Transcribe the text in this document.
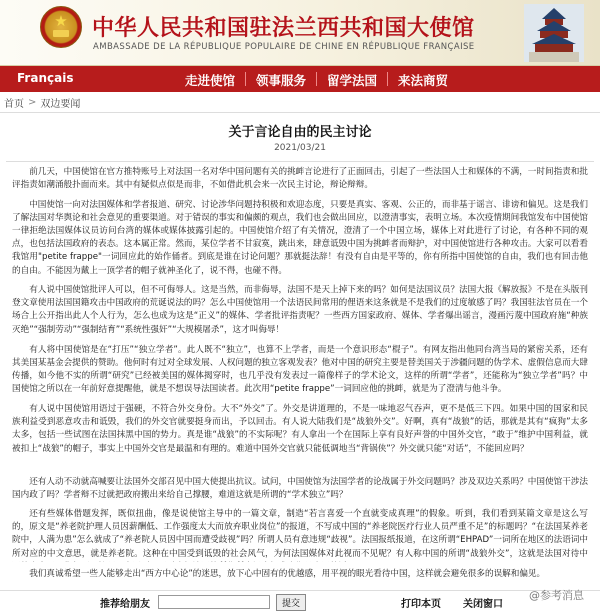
★	中华人民共和国驻法兰西共和国大使馆
AMBASSADE DE LA RÉPUBLIQUE POPULAIRE DE CHINE EN RÉPUBLIQUE FRANÇAISE
Français	走进使馆	领事服务	留学法国	来法商贸
首页 > 双边要闻
关于言论自由的民主讨论
2021/03/21

前几天，中国使馆在官方推特账号上对法国一名对华中国问题有关的挑衅言论进行了正面回击，引起了一些法国人士和媒体的不满，一时间指责和批评指责如潮涌般扑面而来。其中有疑似点似是而非，不如借此机会来一次民主讨论，辩论辩辩。

中国使馆一向对法国媒体和学者报道、研究、讨论涉华问题持积极和欢迎态度，只要是真实、客观、公正的，而非基于谣言、诽谤和偏见。这是我们了解法国对华舆论和社会意见的重要渠道。对于错误的事实和偏颇的观点，我们也会做出回应，以澄清事实，表明立场。本次疫情期间我馆发布中国使馆一律拒绝法国媒体议员访问台湾的媒体或媒体披露引起的。中国使馆介绍了有关情况，澄清了一个中国立场，媒体上对此进行了讨论，有各种不同的观点，也包括法国政府的表态。这本属正常。然而，某位学者不甘寂寞，跳出来，肆意诋毁中国为挑衅者而辩护，对中国使馆进行各种攻击。大家可以看看我馆用"petite frappe"一词回应此的始作俑者。到底是谁在讨论问题？那就挺法辞！有没有自由是平等的，你有所指中国使馆的自由，我们也有回击他的自由。不能因为戴上一顶学者的帽子就神圣化了，说不得，也碰不得。

有人说中国使馆批评人可以，但不可侮辱人。这是当然，而非侮辱，法国不是天上掉下来的吗？如何是法国议员？法国大报《解放报》不是在头版刊登文章使用法国国籍攻击中国政府的荒诞说法的吗？怎么中国使馆用一个法语民间常用的俚语来这条就是不是我们的过度敏感了吗？我国驻法官员在一个场合上公开指出此人个人行为，怎么也成为这是“正义”的媒体、学者批评指责呢？一些西方国家政府、媒体、学者爆出谣言，漫画污蔑中国政府施“种族灭绝”“强制劳动”“强制结育”“系统性强奸”“大规模屠杀”，这才叫侮辱！

有人将中国使馆是在“打压”“独立学者”。此人既不“独立”，也算不上学者，而是一个意识形态“棍子”。有网友指出他同台湾当局的紧密关系，还有其美国某基金会提供的赞助。他何时有过对全球发展、人权问题的独立客观发表？他对中国的研究主要是替美国关于涉疆问题的伪学术、虚假信息而大肆传播，如今他不实的所谓“研究”已经被美国的媒体揭穿时，也几乎没有发表过一篇像样子的学术论文，这样的所谓“学者”，还能称为“独立学者”吗？中国使馆之所以在一年前好意提醒他，就是不想误导法国读者。此次用“petite frappe”一词回应他的挑衅，就是为了澄清与他斗争。

有人说中国使馆用语过于强硬，不符合外交身份。大不“外交”了。外交是讲道理的，不是一味地忍气吞声，更不是低三下四。如果中国的国家和民族利益受到恶意攻击和诋毁，我们的外交官就要挺身而出，予以回击。有人说大陆我们是“战狼外交”。好啊，真有“战狼”的话，那就是其有“疯狗”太多太多，包括一些试图在法国抹黑中国的势力。真是谁“战狼”的不实际呢？有人拿出一个在国际上享有良好声誉的中国外交官，“敢于”维护中国利益，就被扣上“战狼”的帽子，事实上中国外交官是最温和有理的。难道中国外交官就只能低调地当“背锅侠”？外交就只能“对话”，不能回应吗？

还有人动不动就高喊要让法国外交部召见中国大使提出抗议。试问，中国使馆为法国学者的论战属于外交问题吗？涉及双边关系吗？中国使馆干涉法国内政了吗？学者辩不过就把政府搬出来给自己撑腰，难道这就是所谓的“学术独立”吗？

还有些媒体借题发挥，既似扭曲，像是说使馆主导中的一篇文章，制造“若言喜爱一个直就变成真理”的假象。听到，我们看到某篇文章是这么写的，原文是“养老院护理人员因薪酬低、工作强度太大而放弃职业岗位”的报道，不写成中国的“养老院医疗行业人员严重不足”的标题吗？“在法国某养老院中，人满为患”怎么就成了“养老院人员因中国而遭受歧视”吗？所谓人员有意违规“歧视”。法国报纸报道，在这所谓“EHPAD”一词所在地区的法语词中所对应的中文意思，就是养老院。这种在中国受到诋毁的社会风气，为何法国媒体对此视而不见呢？有人称中国的所谓“战狼外交”，这就是法国对待中

我们真诚希望一些人能够走出“西方中心论”的迷思，放下心中固有的优越感，用平视的眼光看待中国，这样就会避免很多的误解和偏见。

推荐给朋友	提交	打印本页 关闭窗口
@参考消息
